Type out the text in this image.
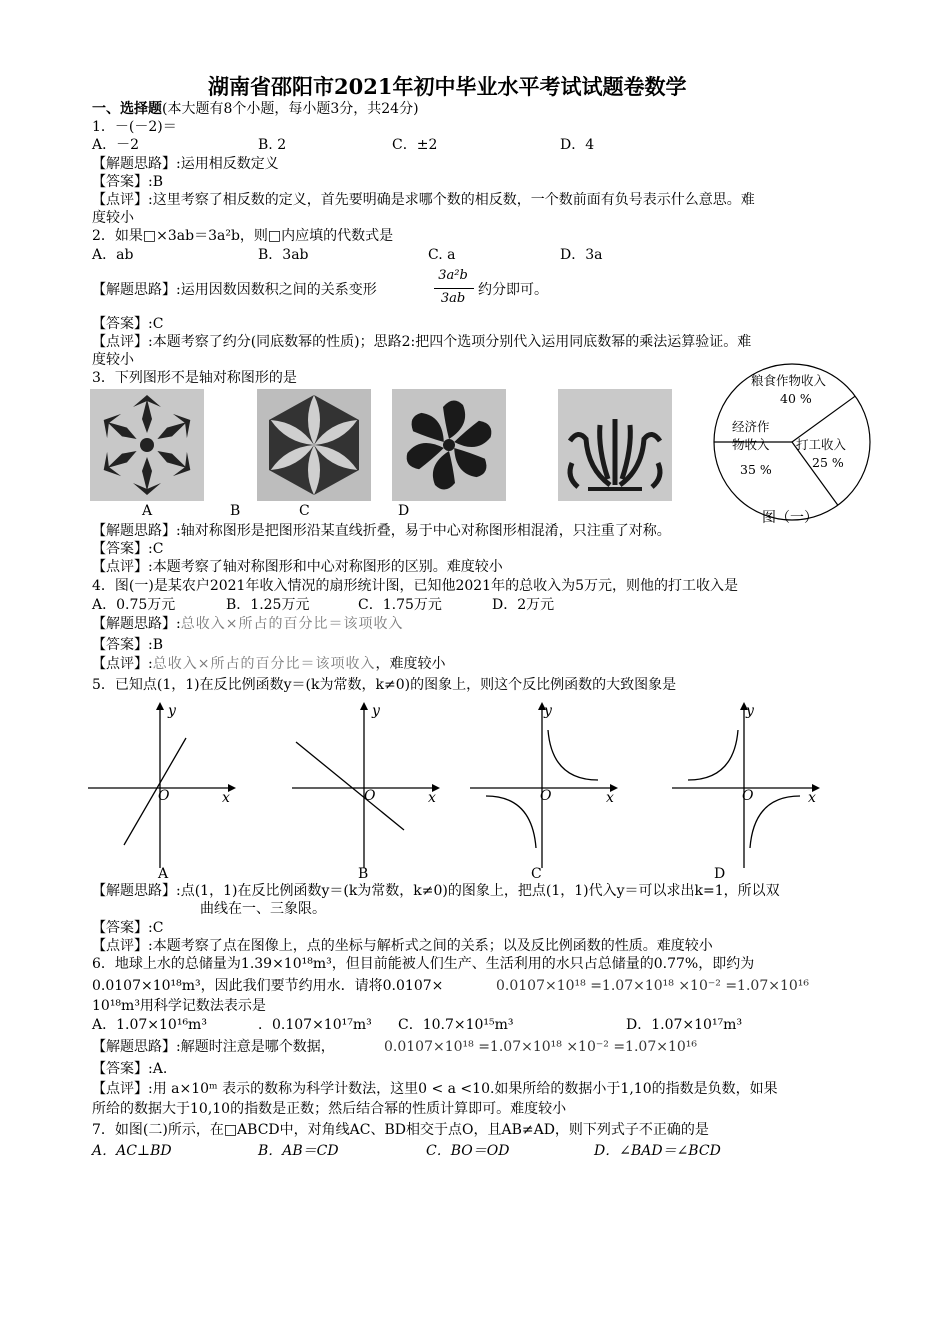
湖南省邵阳市2021年初中毕业水平考试试题卷数学
一、选择题(本大题有8个小题，每小题3分，共24分)
1．－(－2)＝
A．－2	B. 2	C．±2	D．4
【解题思路】:运用相反数定义
【答案】:B
【点评】:这里考察了相反数的定义，首先要明确是求哪个数的相反数，一个数前面有负号表示什么意思。难
度较小
2．如果□×3ab＝3a²b，则□内应填的代数式是
A．ab	B．3ab	C. a	D．3a
【解题思路】:运用因数因数积之间的关系变形
3a²b
3ab
约分即可。
【答案】:C
【点评】:本题考察了约分(同底数幂的性质)；思路2:把四个选项分别代入运用同底数幂的乘法运算验证。难
度较小
3．下列图形不是轴对称图形的是
A	B	C	D
粮食作物收入
40 %
经济作
物收入
35 %
打工收入
25 %
图（一）
【解题思路】:轴对称图形是把图形沿某直线折叠，易于中心对称图形相混淆，只注重了对称。
【答案】:C
【点评】:本题考察了轴对称图形和中心对称图形的区别。难度较小
4．图(一)是某农户2021年收入情况的扇形统计图，已知他2021年的总收入为5万元，则他的打工收入是
A．0.75万元	B．1.25万元	C．1.75万元	D．2万元
【解题思路】:总收入×所占的百分比＝该项收入
【答案】:B
【点评】:总收入×所占的百分比＝该项收入，难度较小
5．已知点(1，1)在反比例函数y＝(k为常数，k≠0)的图象上，则这个反比例函数的大致图象是
y
x
O
y
x
O
y
x
O
y
x
O
A	B	C	D
【解题思路】:点(1，1)在反比例函数y＝(k为常数，k≠0)的图象上，把点(1，1)代入y＝可以求出k=1，所以双
曲线在一、三象限。
【答案】:C
【点评】:本题考察了点在图像上，点的坐标与解析式之间的关系；以及反比例函数的性质。难度较小
6．地球上水的总储量为1.39×10¹⁸m³，但目前能被人们生产、生活利用的水只占总储量的0.77%，即约为
0.0107×10¹⁸m³，因此我们要节约用水．请将0.0107×	0.0107×10¹⁸ =1.07×10¹⁸ ×10⁻² =1.07×10¹⁶
10¹⁸m³用科学记数法表示是
A．1.07×10¹⁶m³	．0.107×10¹⁷m³ C．10.7×10¹⁵m³	D．1.07×10¹⁷m³
【解题思路】:解题时注意是哪个数据，	0.0107×10¹⁸ =1.07×10¹⁸ ×10⁻² =1.07×10¹⁶
【答案】:A.
【点评】:用 a×10ᵐ 表示的数称为科学计数法，这里0 < a <10.如果所给的数据小于1,10的指数是负数，如果
所给的数据大于10,10的指数是正数；然后结合幂的性质计算即可。难度较小
7．如图(二)所示，在□ABCD中，对角线AC、BD相交于点O，且AB≠AD，则下列式子不正确的是
A．AC⊥BD	B．AB＝CD	C．BO＝OD	D．∠BAD＝∠BCD
